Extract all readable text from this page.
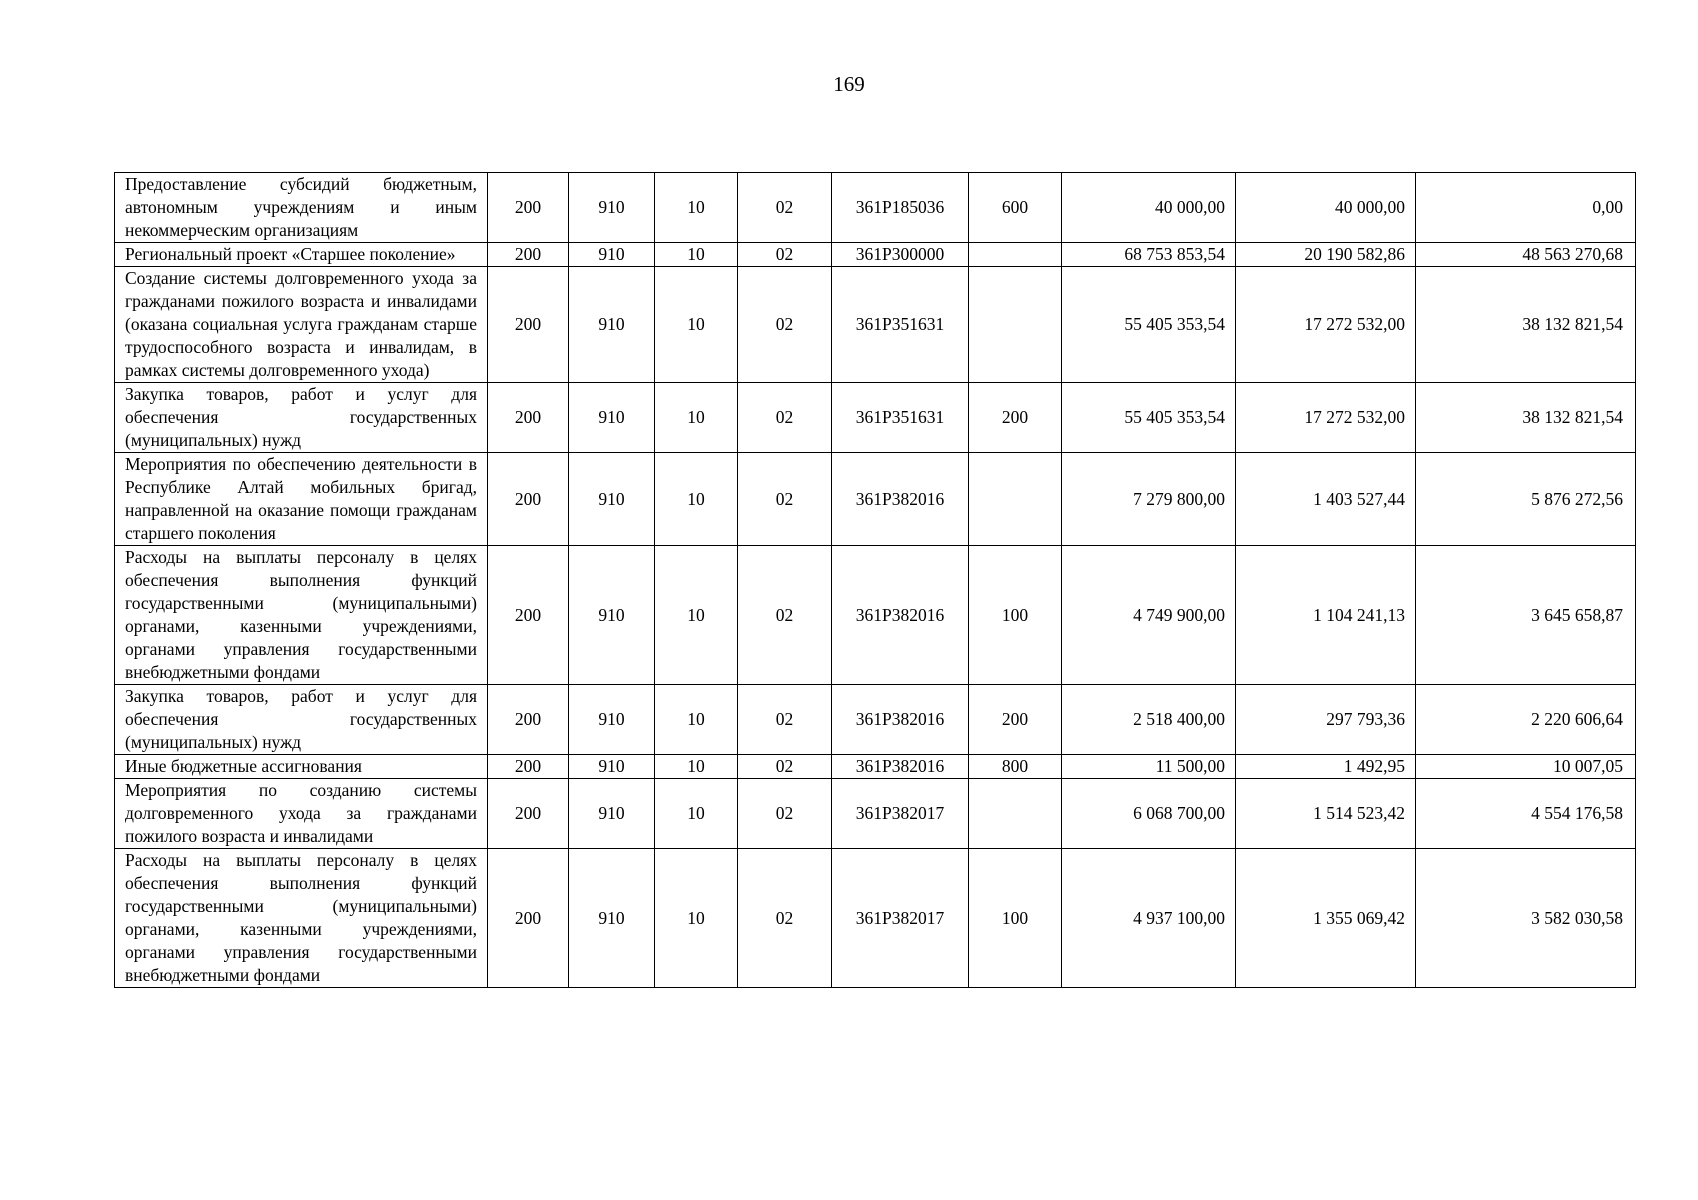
169
Предоставление субсидий бюджетным, автономным учреждениям и иным некоммерческим организациям	200	910	10	02	361Р185036	600	40 000,00	40 000,00	0,00
Региональный проект «Старшее поколение»	200	910	10	02	361Р300000		68 753 853,54	20 190 582,86	48 563 270,68
Создание системы долговременного ухода за гражданами пожилого возраста и инвалидами (оказана социальная услуга гражданам старше трудоспособного возраста и инвалидам, в рамках системы долговременного ухода)	200	910	10	02	361Р351631		55 405 353,54	17 272 532,00	38 132 821,54
Закупка товаров, работ и услуг для обеспечения государственных (муниципальных) нужд	200	910	10	02	361Р351631	200	55 405 353,54	17 272 532,00	38 132 821,54
Мероприятия по обеспечению деятельности в Республике Алтай мобильных бригад, направленной на оказание помощи гражданам старшего поколения	200	910	10	02	361Р382016		7 279 800,00	1 403 527,44	5 876 272,56
Расходы на выплаты персоналу в целях обеспечения выполнения функций государственными (муниципальными) органами, казенными учреждениями, органами управления государственными внебюджетными фондами	200	910	10	02	361Р382016	100	4 749 900,00	1 104 241,13	3 645 658,87
Закупка товаров, работ и услуг для обеспечения государственных (муниципальных) нужд	200	910	10	02	361Р382016	200	2 518 400,00	297 793,36	2 220 606,64
Иные бюджетные ассигнования	200	910	10	02	361Р382016	800	11 500,00	1 492,95	10 007,05
Мероприятия по созданию системы долговременного ухода за гражданами пожилого возраста и инвалидами	200	910	10	02	361Р382017		6 068 700,00	1 514 523,42	4 554 176,58
Расходы на выплаты персоналу в целях обеспечения выполнения функций государственными (муниципальными) органами, казенными учреждениями, органами управления государственными внебюджетными фондами	200	910	10	02	361Р382017	100	4 937 100,00	1 355 069,42	3 582 030,58
